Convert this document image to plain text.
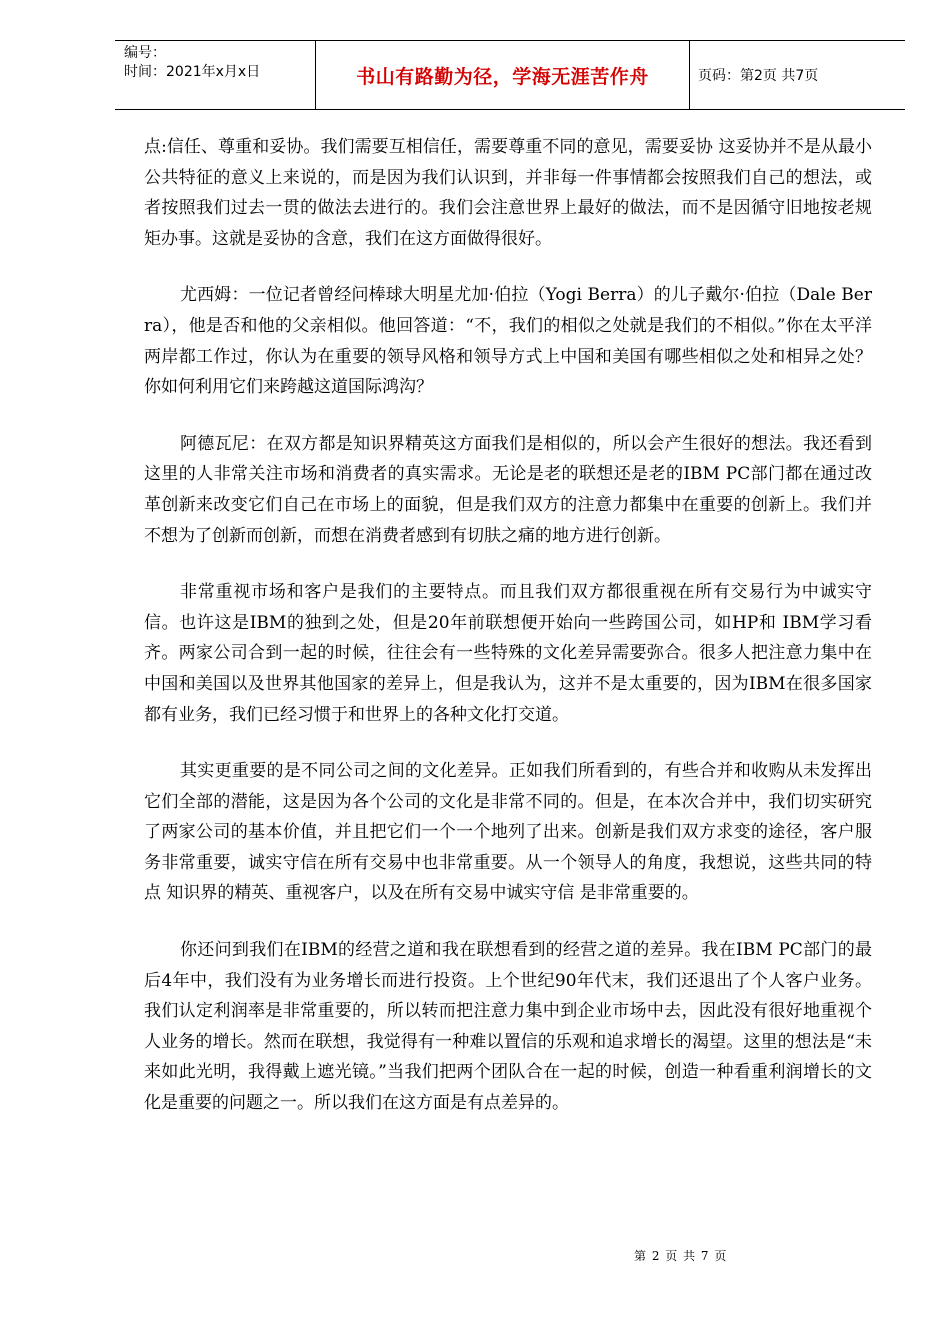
编号：
时间：2021年x月x日	书山有路勤为径，学海无涯苦作舟	页码：第2页 共7页

点:信任、尊重和妥协。我们需要互相信任，需要尊重不同的意见，需要妥协 这妥协并不是从最小公共特征的意义上来说的，而是因为我们认识到，并非每一件事情都会按照我们自己的想法，或者按照我们过去一贯的做法去进行的。我们会注意世界上最好的做法，而不是因循守旧地按老规矩办事。这就是妥协的含意，我们在这方面做得很好。

尤西姆：一位记者曾经问棒球大明星尤加·伯拉（Yogi Berra）的儿子戴尔·伯拉（Dale Berra），他是否和他的父亲相似。他回答道：“不，我们的相似之处就是我们的不相似。”你在太平洋两岸都工作过，你认为在重要的领导风格和领导方式上中国和美国有哪些相似之处和相异之处？你如何利用它们来跨越这道国际鸿沟？

阿德瓦尼：在双方都是知识界精英这方面我们是相似的，所以会产生很好的想法。我还看到这里的人非常关注市场和消费者的真实需求。无论是老的联想还是老的IBM PC部门都在通过改革创新来改变它们自己在市场上的面貌，但是我们双方的注意力都集中在重要的创新上。我们并不想为了创新而创新，而想在消费者感到有切肤之痛的地方进行创新。

非常重视市场和客户是我们的主要特点。而且我们双方都很重视在所有交易行为中诚实守信。也许这是IBM的独到之处，但是20年前联想便开始向一些跨国公司，如HP和 IBM学习看齐。两家公司合到一起的时候，往往会有一些特殊的文化差异需要弥合。很多人把注意力集中在中国和美国以及世界其他国家的差异上，但是我认为，这并不是太重要的，因为IBM在很多国家都有业务，我们已经习惯于和世界上的各种文化打交道。

其实更重要的是不同公司之间的文化差异。正如我们所看到的，有些合并和收购从未发挥出它们全部的潜能，这是因为各个公司的文化是非常不同的。但是，在本次合并中，我们切实研究了两家公司的基本价值，并且把它们一个一个地列了出来。创新是我们双方求变的途径，客户服务非常重要，诚实守信在所有交易中也非常重要。从一个领导人的角度，我想说，这些共同的特点 知识界的精英、重视客户，以及在所有交易中诚实守信 是非常重要的。

你还问到我们在IBM的经营之道和我在联想看到的经营之道的差异。我在IBM PC部门的最后4年中，我们没有为业务增长而进行投资。上个世纪90年代末，我们还退出了个人客户业务。我们认定利润率是非常重要的，所以转而把注意力集中到企业市场中去，因此没有很好地重视个人业务的增长。然而在联想，我觉得有一种难以置信的乐观和追求增长的渴望。这里的想法是“未来如此光明，我得戴上遮光镜。”当我们把两个团队合在一起的时候，创造一种看重利润增长的文化是重要的问题之一。所以我们在这方面是有点差异的。

第 2 页 共 7 页
